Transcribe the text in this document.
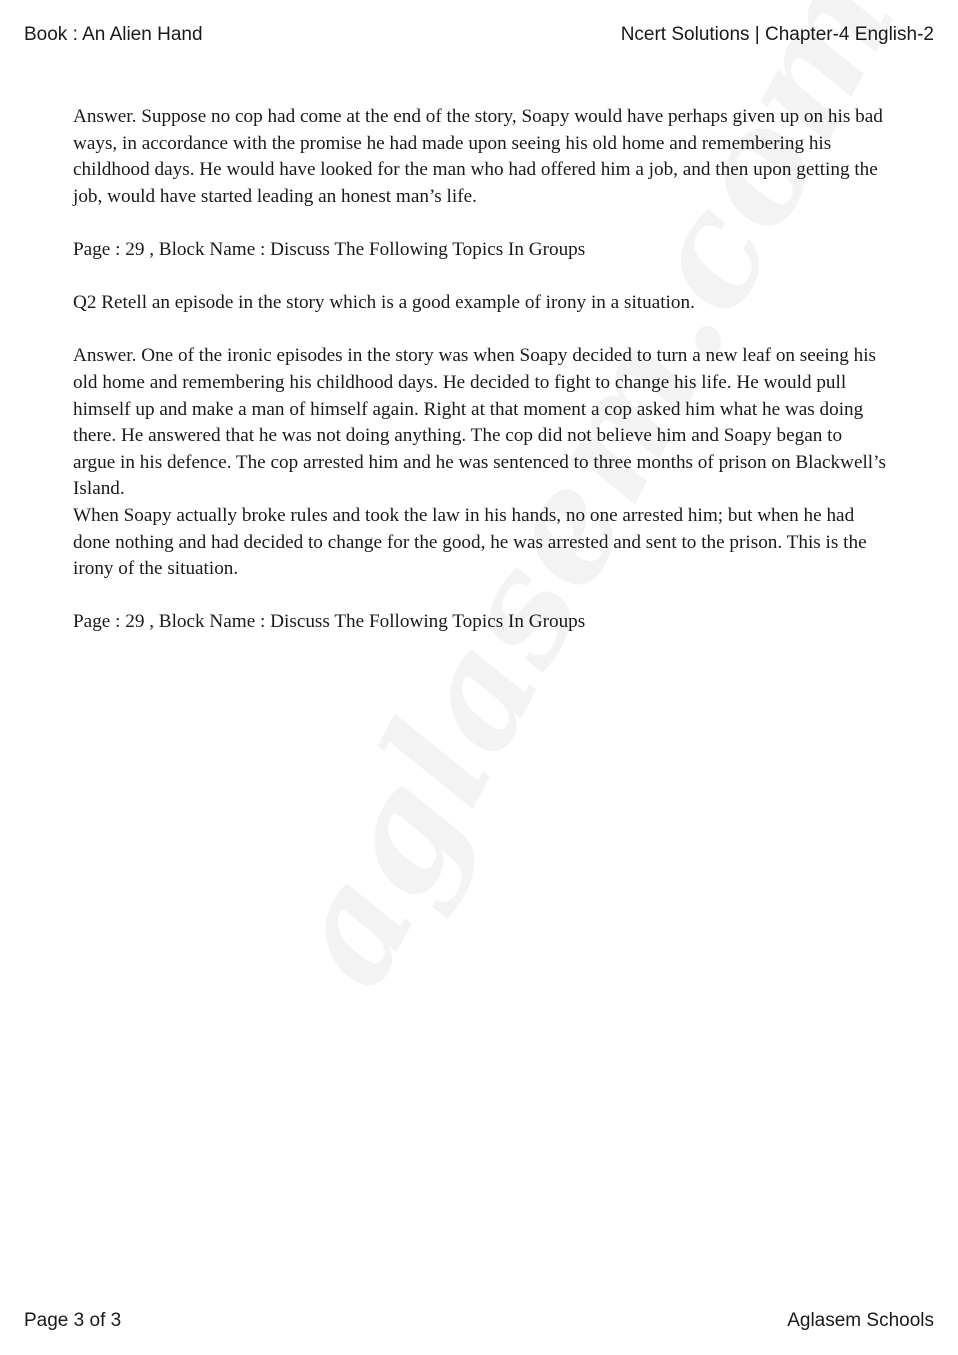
Book : An Alien Hand	Ncert Solutions | Chapter-4 English-2

Answer. Suppose no cop had come at the end of the story, Soapy would have perhaps given up on his bad ways, in accordance with the promise he had made upon seeing his old home and remembering his childhood days. He would have looked for the man who had offered him a job, and then upon getting the job, would have started leading an honest man’s life.

Page : 29 , Block Name : Discuss The Following Topics In Groups

Q2 Retell an episode in the story which is a good example of irony in a situation.

Answer. One of the ironic episodes in the story was when Soapy decided to turn a new leaf on seeing his old home and remembering his childhood days. He decided to fight to change his life. He would pull himself up and make a man of himself again. Right at that moment a cop asked him what he was doing there. He answered that he was not doing anything. The cop did not believe him and Soapy began to argue in his defence. The cop arrested him and he was sentenced to three months of prison on Blackwell’s Island.

When Soapy actually broke rules and took the law in his hands, no one arrested him; but when he had done nothing and had decided to change for the good, he was arrested and sent to the prison. This is the irony of the situation.

Page : 29 , Block Name : Discuss The Following Topics In Groups

Page 3 of 3	Aglasem Schools
